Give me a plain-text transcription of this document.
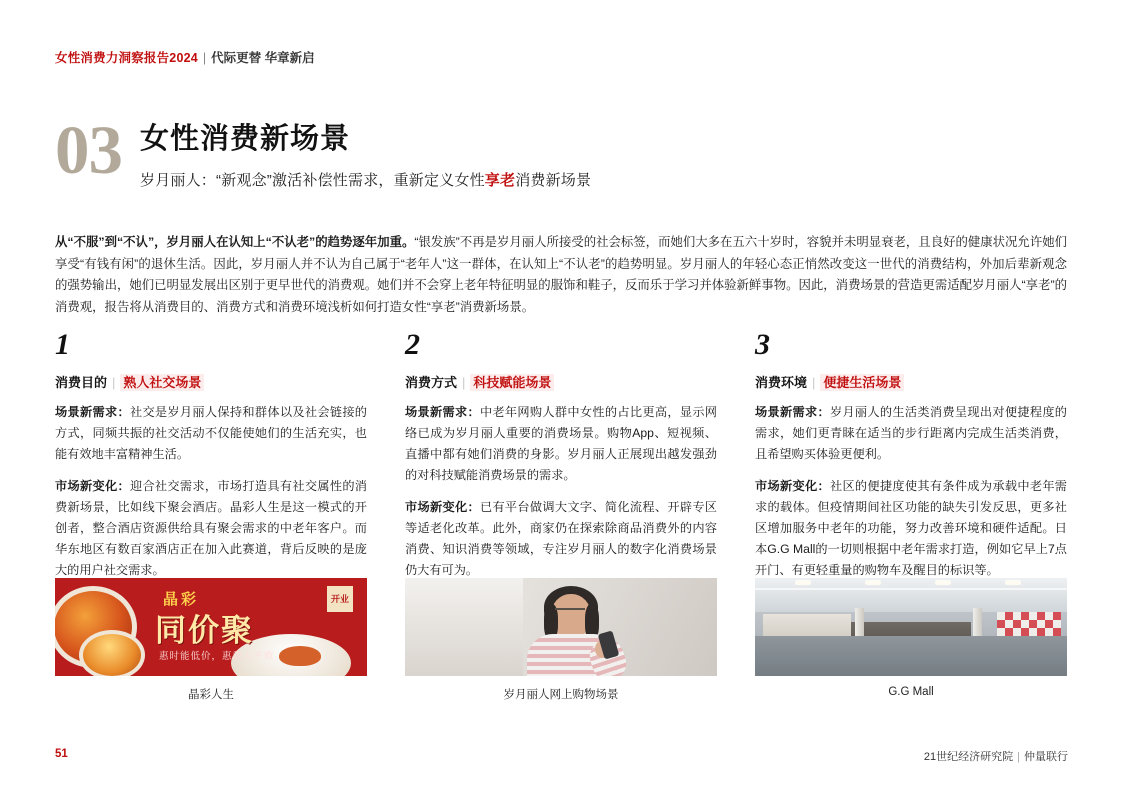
女性消费力洞察报告2024 | 代际更替 华章新启
03 女性消费新场景
岁月丽人：“新观念”激活补偿性需求，重新定义女性享老消费新场景
从“不服”到“不认”，岁月丽人在认知上“不认老”的趋势逐年加重。“银发族”不再是岁月丽人所接受的社会标签，而她们大多在五六十岁时，容貌并未明显衰老，且良好的健康状况允许她们享受“有钱有闲”的退休生活。因此，岁月丽人并不认为自己属于“老年人”这一群体，在认知上“不认老”的趋势明显。岁月丽人的年轻心态正悄然改变这一世代的消费结构，外加后辈新观念的强势输出，她们已明显发展出区别于更早世代的消费观。她们并不会穿上老年特征明显的服饰和鞋子，反而乐于学习并体验新鲜事物。因此，消费场景的营造更需适配岁月丽人“享老”的消费观，报告将从消费目的、消费方式和消费环境浅析如何打造女性“享老”消费新场景。
1
消费目的 | 熟人社交场景
场景新需求：社交是岁月丽人保持和群体以及社会链接的方式，同频共振的社交活动不仅能使她们的生活充实，也能有效地丰富精神生活。
市场新变化：迎合社交需求，市场打造具有社交属性的消费新场景，比如线下聚会酒店。晶彩人生是这一模式的开创者，整合酒店资源供给具有聚会需求的中老年客户。而华东地区有数百家酒店正在加入此赛道，背后反映的是庞大的用户社交需求。
2
消费方式 | 科技赋能场景
场景新需求：中老年网购人群中女性的占比更高，显示网络已成为岁月丽人重要的消费场景。购物App、短视频、直播中都有她们消费的身影。岁月丽人正展现出越发强劲的对科技赋能消费场景的需求。
市场新变化：已有平台做调大文字、简化流程、开辟专区等适老化改革。此外，商家仍在探索除商品消费外的内容消费、知识消费等领域，专注岁月丽人的数字化消费场景仍大有可为。
3
消费环境 | 便捷生活场景
场景新需求：岁月丽人的生活类消费呈现出对便捷程度的需求，她们更青睐在适当的步行距离内完成生活类消费，且希望购买体验更便利。
市场新变化：社区的便捷度使其有条件成为承载中老年需求的载体。但疫情期间社区功能的缺失引发反思，更多社区增加服务中老年的功能，努力改善环境和硬件适配。日本G.G Mall的一切则根据中老年需求打造，例如它早上7点开门、有更轻重量的购物车及醒目的标识等。
晶彩
同价聚
惠时能低价，惠敌人不败
开业
晶彩人生	岁月丽人网上购物场景	G.G Mall
51	21世纪经济研究院 | 仲量联行
